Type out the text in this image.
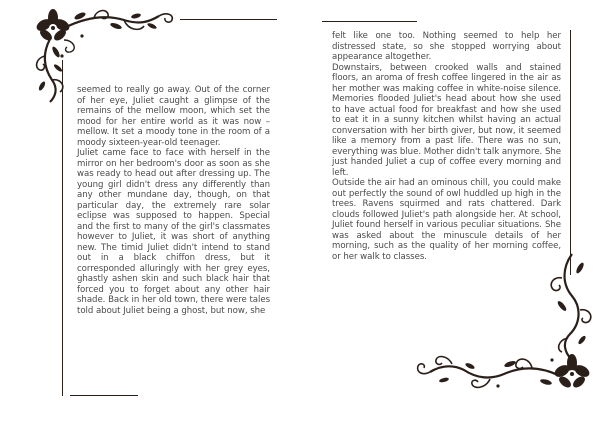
seemed to really go away. Out of the corner of her eye, Juliet caught a glimpse of the remains of the mellow moon, which set the mood for her entire world as it was now – mellow. It set a moody tone in the room of a moody sixteen-year-old teenager.

Juliet came face to face with herself in the mirror on her bedroom's door as soon as she was ready to head out after dressing up. The young girl didn't dress any differently than any other mundane day, though, on that particular day, the extremely rare solar eclipse was supposed to happen. Special and the first to many of the girl's classmates however to Juliet, it was short of anything new. The timid Juliet didn't intend to stand out in a black chiffon dress, but it corresponded alluringly with her grey eyes, ghastly ashen skin and such black hair that forced you to forget about any other hair shade. Back in her old town, there were tales told about Juliet being a ghost, but now, she

felt like one too. Nothing seemed to help her distressed state, so she stopped worrying about appearance altogether.

Downstairs, between crooked walls and stained floors, an aroma of fresh coffee lingered in the air as her mother was making coffee in white-noise silence. Memories flooded Juliet's head about how she used to have actual food for breakfast and how she used to eat it in a sunny kitchen whilst having an actual conversation with her birth giver, but now, it seemed like a memory from a past life. There was no sun, everything was blue. Mother didn't talk anymore. She just handed Juliet a cup of coffee every morning and left.

Outside the air had an ominous chill, you could make out perfectly the sound of owl huddled up high in the trees. Ravens squirmed and rats chattered. Dark clouds followed Juliet's path alongside her. At school, Juliet found herself in various peculiar situations. She was asked about the minuscule details of her morning, such as the quality of her morning coffee, or her walk to classes.
